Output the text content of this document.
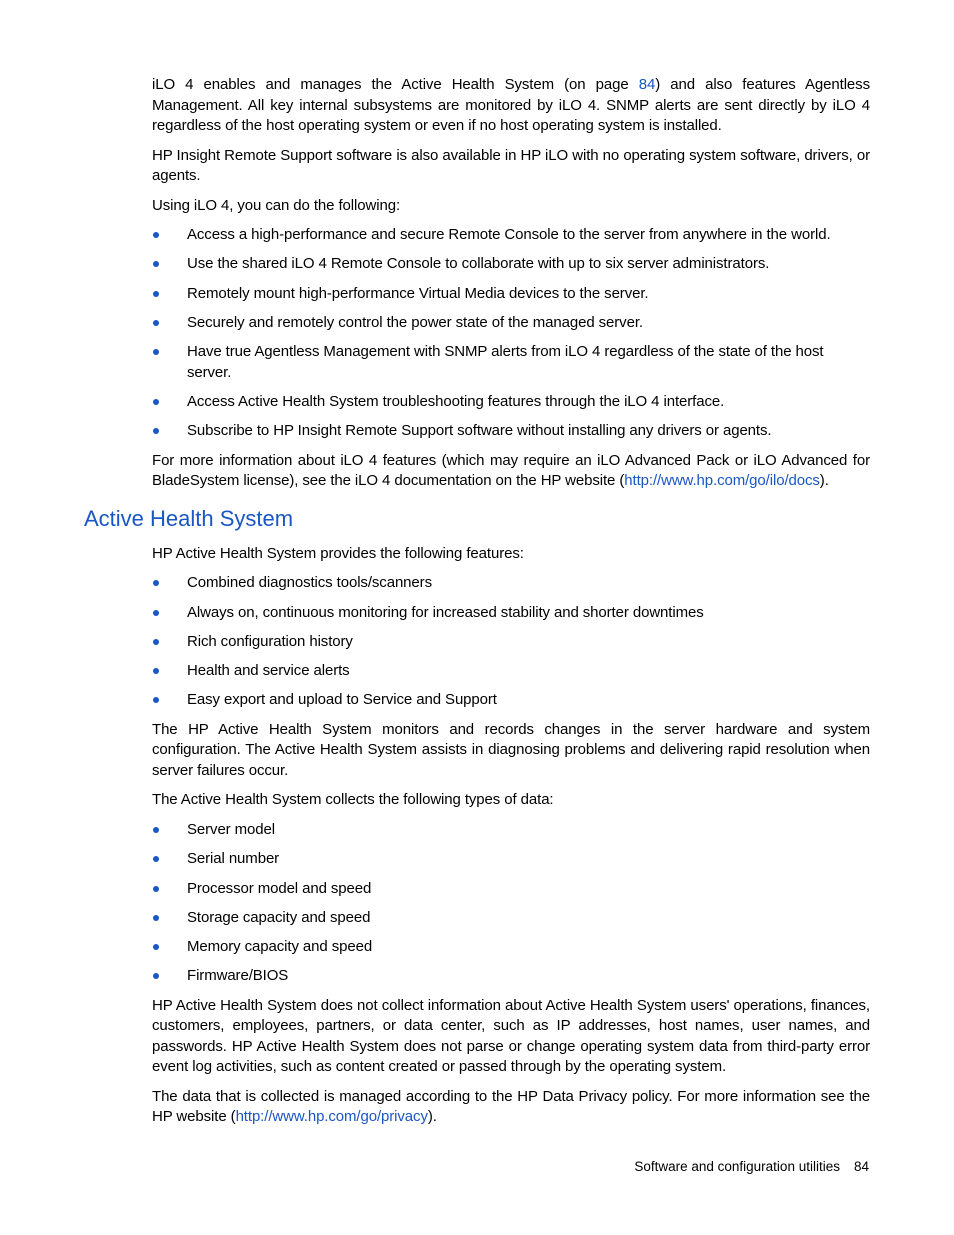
iLO 4 enables and manages the Active Health System (on page 84) and also features Agentless Management. All key internal subsystems are monitored by iLO 4. SNMP alerts are sent directly by iLO 4 regardless of the host operating system or even if no host operating system is installed.

HP Insight Remote Support software is also available in HP iLO with no operating system software, drivers, or agents.

Using iLO 4, you can do the following:

Access a high-performance and secure Remote Console to the server from anywhere in the world.
Use the shared iLO 4 Remote Console to collaborate with up to six server administrators.
Remotely mount high-performance Virtual Media devices to the server.
Securely and remotely control the power state of the managed server.
Have true Agentless Management with SNMP alerts from iLO 4 regardless of the state of the host server.
Access Active Health System troubleshooting features through the iLO 4 interface.
Subscribe to HP Insight Remote Support software without installing any drivers or agents.

For more information about iLO 4 features (which may require an iLO Advanced Pack or iLO Advanced for BladeSystem license), see the iLO 4 documentation on the HP website (http://www.hp.com/go/ilo/docs).

Active Health System

HP Active Health System provides the following features:

Combined diagnostics tools/scanners
Always on, continuous monitoring for increased stability and shorter downtimes
Rich configuration history
Health and service alerts
Easy export and upload to Service and Support

The HP Active Health System monitors and records changes in the server hardware and system configuration. The Active Health System assists in diagnosing problems and delivering rapid resolution when server failures occur.

The Active Health System collects the following types of data:

Server model
Serial number
Processor model and speed
Storage capacity and speed
Memory capacity and speed
Firmware/BIOS

HP Active Health System does not collect information about Active Health System users' operations, finances, customers, employees, partners, or data center, such as IP addresses, host names, user names, and passwords. HP Active Health System does not parse or change operating system data from third-party error event log activities, such as content created or passed through by the operating system.

The data that is collected is managed according to the HP Data Privacy policy. For more information see the HP website (http://www.hp.com/go/privacy).

Software and configuration utilities 84
